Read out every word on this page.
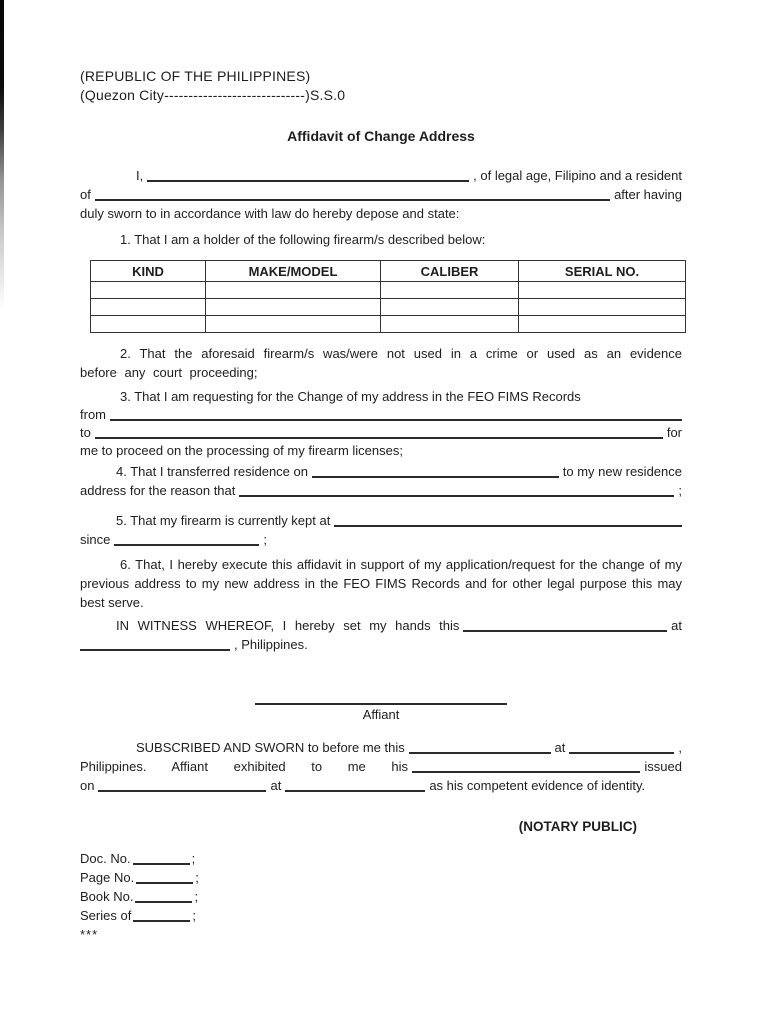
(REPUBLIC OF THE PHILIPPINES)
(Quezon City-----------------------------)S.S.0
Affidavit of Change Address
I,	, of legal age, Filipino and a resident
of	after having
duly sworn to in accordance with law do hereby depose and state:
1. That I am a holder of the following firearm/s described below:
KIND	MAKE/MODEL	CALIBER	SERIAL NO.

2. That the aforesaid firearm/s was/were not used in a crime or used as an evidence before any court proceeding;
3. That I am requesting for the Change of my address in the FEO FIMS Records
from
to	for
me to proceed on the processing of my firearm licenses;
4. That I transferred residence on	to my new residence
address for the reason that	;
5. That my firearm is currently kept at
since	;
6. That, I hereby execute this affidavit in support of my application/request for the change of my previous address to my new address in the FEO FIMS Records and for other legal purpose this may best serve.
IN WITNESS WHEREOF, I hereby set my hands this	at
, Philippines.
Affiant
SUBSCRIBED AND SWORN to before me this	at	,
Philippines. Affiant exhibited to me his	issued
on	at	as his competent evidence of identity.
(NOTARY PUBLIC)
Doc. No.	;
Page No.	;
Book No.	;
Series of	;
***
